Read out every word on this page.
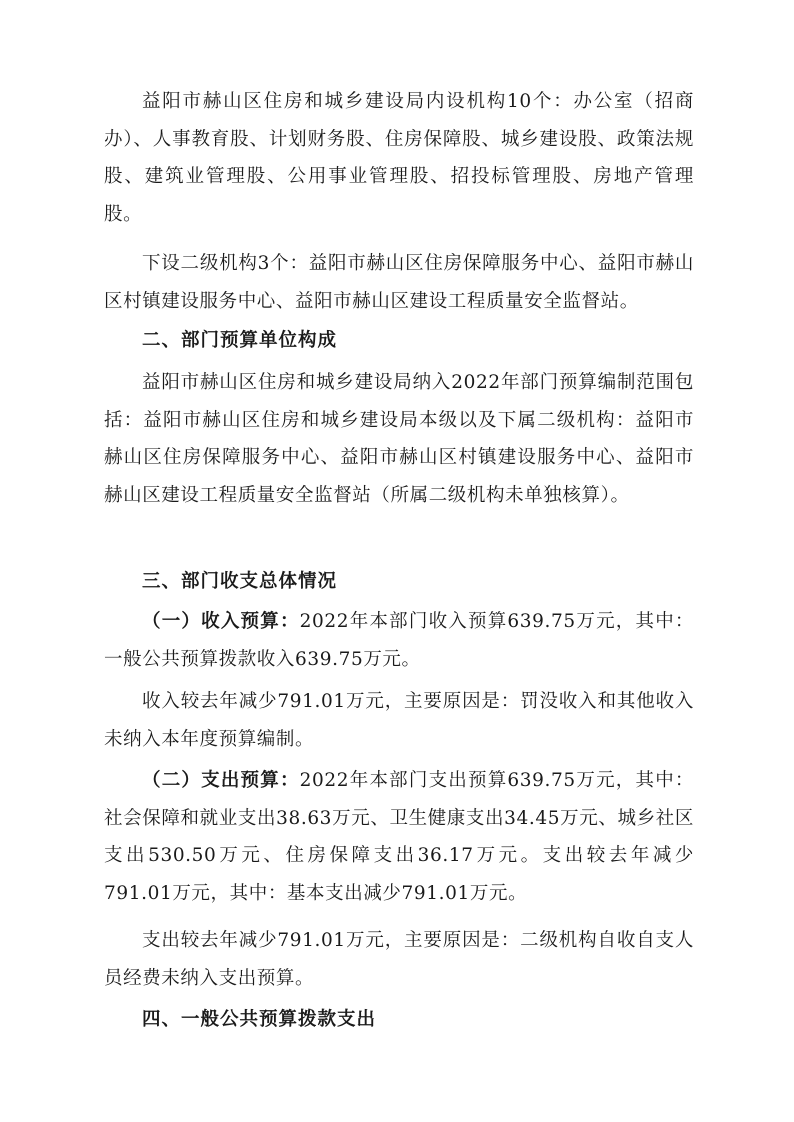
益阳市赫山区住房和城乡建设局内设机构10个：办公室（招商办）、人事教育股、计划财务股、住房保障股、城乡建设股、政策法规股、建筑业管理股、公用事业管理股、招投标管理股、房地产管理股。

下设二级机构3个：益阳市赫山区住房保障服务中心、益阳市赫山区村镇建设服务中心、益阳市赫山区建设工程质量安全监督站。

二、部门预算单位构成

益阳市赫山区住房和城乡建设局纳入2022年部门预算编制范围包括：益阳市赫山区住房和城乡建设局本级以及下属二级机构：益阳市赫山区住房保障服务中心、益阳市赫山区村镇建设服务中心、益阳市赫山区建设工程质量安全监督站（所属二级机构未单独核算）。

三、部门收支总体情况

（一）收入预算：2022年本部门收入预算639.75万元，其中：一般公共预算拨款收入639.75万元。

收入较去年减少791.01万元，主要原因是：罚没收入和其他收入未纳入本年度预算编制。

（二）支出预算：2022年本部门支出预算639.75万元，其中：社会保障和就业支出38.63万元、卫生健康支出34.45万元、城乡社区支出530.50万元、住房保障支出36.17万元。支出较去年减少791.01万元，其中：基本支出减少791.01万元。

支出较去年减少791.01万元，主要原因是：二级机构自收自支人员经费未纳入支出预算。

四、一般公共预算拨款支出
